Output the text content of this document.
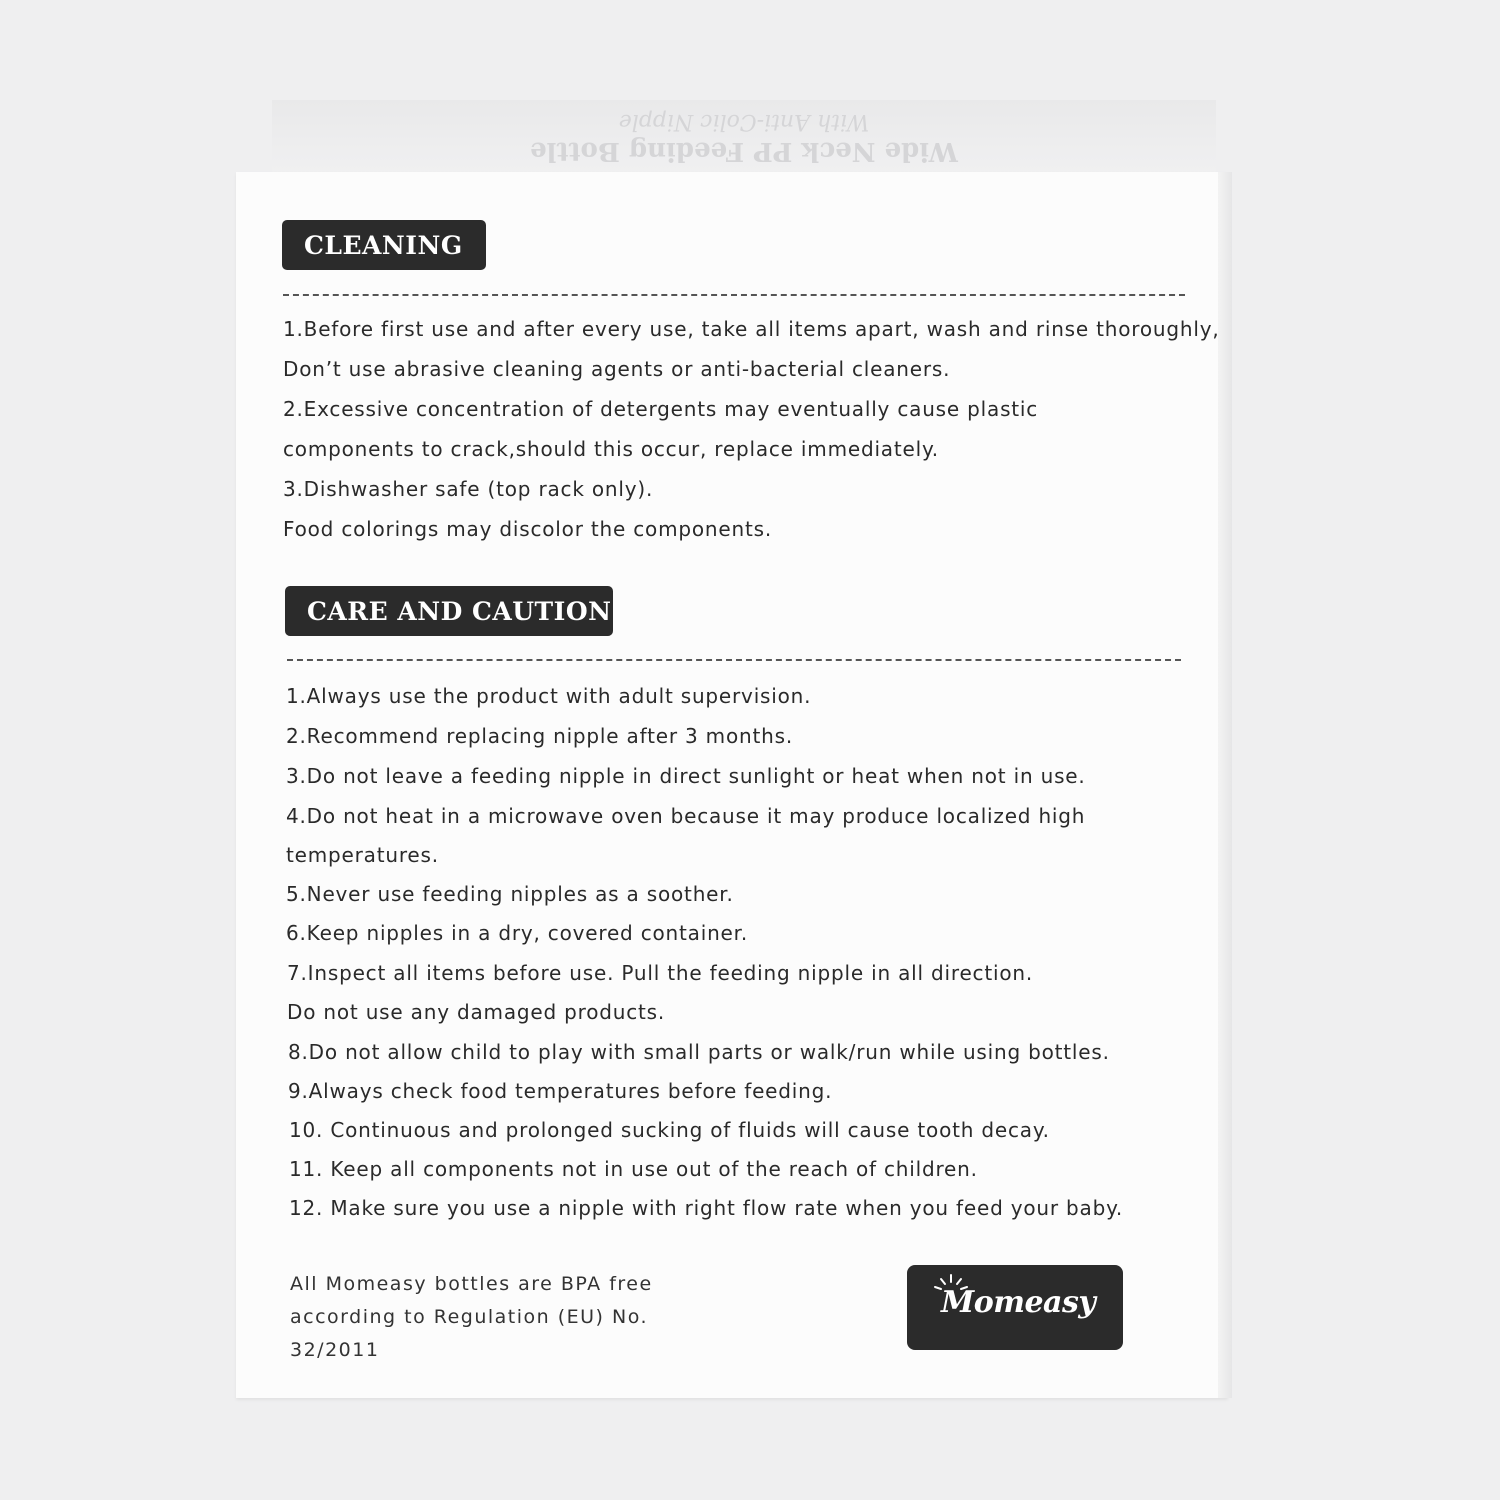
Wide Neck PP Feeding Bottle
With Anti-Colic Nipple
CLEANING
1.Before first use and after every use, take all items apart, wash and rinse thoroughly,
Don’t use abrasive cleaning agents or anti-bacterial cleaners.
2.Excessive concentration of detergents may eventually cause plastic
components to crack,should this occur, replace immediately.
3.Dishwasher safe (top rack only).
Food colorings may discolor the components.
CARE AND CAUTION
1.Always use the product with adult supervision.
2.Recommend replacing nipple after 3 months.
3.Do not leave a feeding nipple in direct sunlight or heat when not in use.
4.Do not heat in a microwave oven because it may produce localized high
temperatures.
5.Never use feeding nipples as a soother.
6.Keep nipples in a dry, covered container.
7.Inspect all items before use. Pull the feeding nipple in all direction.
Do not use any damaged products.
8.Do not allow child to play with small parts or walk/run while using bottles.
9.Always check food temperatures before feeding.
10. Continuous and prolonged sucking of fluids will cause tooth decay.
11. Keep all components not in use out of the reach of children.
12. Make sure you use a nipple with right flow rate when you feed your baby.
All Momeasy bottles are BPA free
according to Regulation (EU) No.
32/2011
Momeasy
